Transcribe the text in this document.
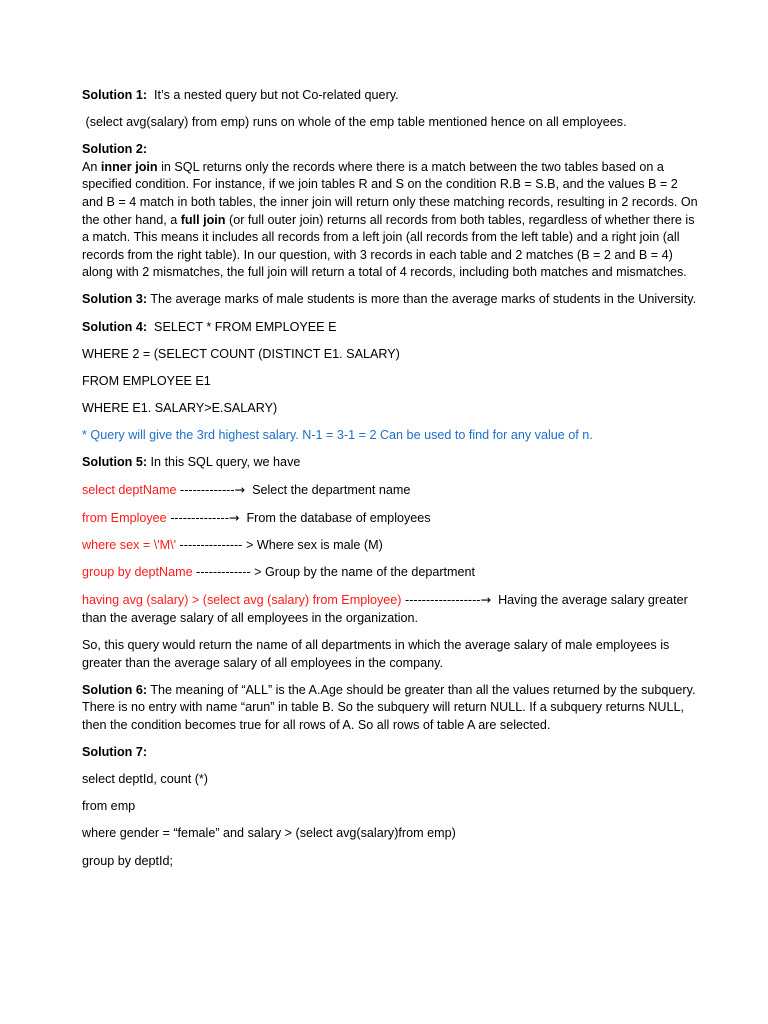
Solution 1:  It’s a nested query but not Co-related query.

(select avg(salary) from emp) runs on whole of the emp table mentioned hence on all employees.

Solution 2:
An inner join in SQL returns only the records where there is a match between the two tables based on a specified condition. For instance, if we join tables R and S on the condition R.B = S.B, and the values B = 2 and B = 4 match in both tables, the inner join will return only these matching records, resulting in 2 records. On the other hand, a full join (or full outer join) returns all records from both tables, regardless of whether there is a match. This means it includes all records from a left join (all records from the left table) and a right join (all records from the right table). In our question, with 3 records in each table and 2 matches (B = 2 and B = 4) along with 2 mismatches, the full join will return a total of 4 records, including both matches and mismatches.

Solution 3: The average marks of male students is more than the average marks of students in the University.

Solution 4:  SELECT * FROM EMPLOYEE E

WHERE 2 = (SELECT COUNT (DISTINCT E1. SALARY)

FROM EMPLOYEE E1

WHERE E1. SALARY>E.SALARY)

* Query will give the 3rd highest salary. N-1 = 3-1 = 2 Can be used to find for any value of n.

Solution 5: In this SQL query, we have

select deptName -------------→  Select the department name

from Employee --------------→  From the database of employees

where sex = \'M\' --------------- > Where sex is male (M)

group by deptName ------------- > Group by the name of the department

having avg (salary) > (select avg (salary) from Employee) ------------------→  Having the average salary greater than the average salary of all employees in the organization.

So, this query would return the name of all departments in which the average salary of male employees is greater than the average salary of all employees in the company.

Solution 6: The meaning of “ALL” is the A.Age should be greater than all the values returned by the subquery. There is no entry with name “arun” in table B. So the subquery will return NULL. If a subquery returns NULL, then the condition becomes true for all rows of A. So all rows of table A are selected.

Solution 7:

select deptId, count (*)

from emp

where gender = “female” and salary > (select avg(salary)from emp)

group by deptId;
